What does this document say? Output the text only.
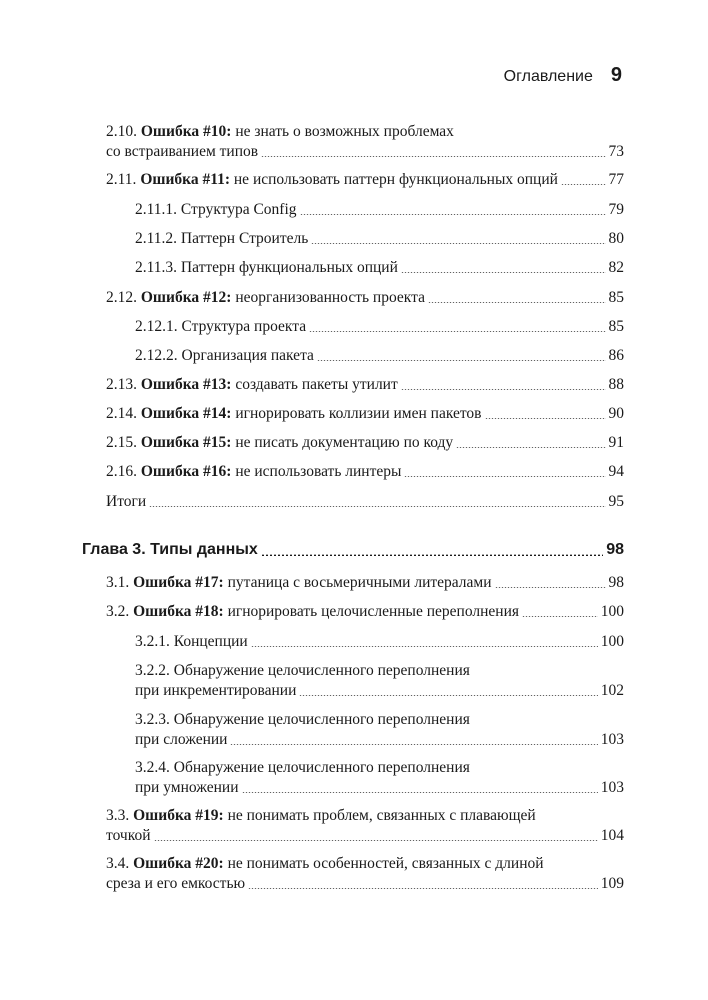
Оглавление 9
2.10. Ошибка #10: не знать о возможных проблемах
со встраиванием типов	73
2.11. Ошибка #11: не использовать паттерн функциональных опций	77
2.11.1. Структура Config	79
2.11.2. Паттерн Строитель	80
2.11.3. Паттерн функциональных опций	82
2.12. Ошибка #12: неорганизованность проекта	85
2.12.1. Структура проекта	85
2.12.2. Организация пакета	86
2.13. Ошибка #13: создавать пакеты утилит	88
2.14. Ошибка #14: игнорировать коллизии имен пакетов	90
2.15. Ошибка #15: не писать документацию по коду	91
2.16. Ошибка #16: не использовать линтеры	94
Итоги	95
Глава 3. Типы данных	98
3.1. Ошибка #17: путаница с восьмеричными литералами	98
3.2. Ошибка #18: игнорировать целочисленные переполнения	100
3.2.1. Концепции	100
3.2.2. Обнаружение целочисленного переполнения
при инкрементировании	102
3.2.3. Обнаружение целочисленного переполнения
при сложении	103
3.2.4. Обнаружение целочисленного переполнения
при умножении	103
3.3. Ошибка #19: не понимать проблем, связанных с плавающей
точкой	104
3.4. Ошибка #20: не понимать особенностей, связанных с длиной
среза и его емкостью	109
